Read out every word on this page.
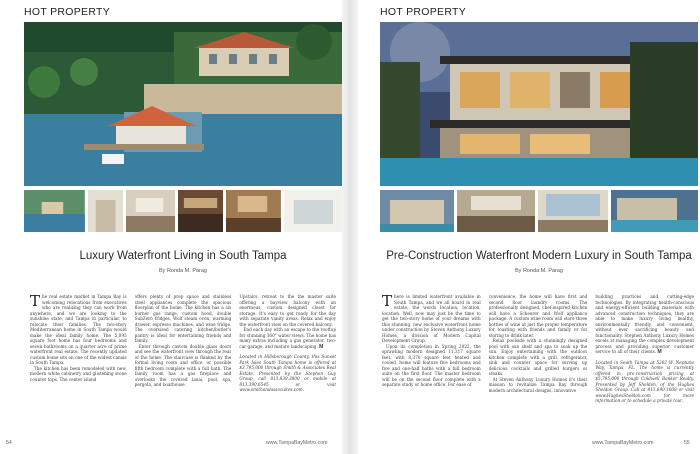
HOT PROPERTY
Luxury Waterfront Living in South Tampa
By Ronda M. Parag
T he real estate market in Tampa Bay is welcoming relocations from executives who are realizing they can work from anywhere, and we are looking to the sunshine state, and Tampa in particular, to relocate their families. The two-story Mediterranean home in South Tampa would make the ideal family home. The 5,095 square foot home has four bedrooms and seven bathrooms on a quarter acre of prime waterfront real estate. The recently updated custom home sits on one of the widest canals in South Tampa.

The kitchen has been remodeled with new, modern white cabinetry and glistening stone counter tops. The center island

offers plenty of prep space and stainless steel appliances complete the spacious floorplan of the home. The kitchen has a six burner gas range, custom hood, double SubZero fridges, Wolf steam oven, warming drawer, espresso machines, and wine fridge. The oversized catering kitchen/butler's pantry is ideal for entertaining friends and family.

Enter through custom double glass doors and see the waterfront view through the rear of the home. The staircase is flanked by the formal living room and office, or possible fifth bedroom complete with a full bath. The family room has a gas fireplace and overlooks the covered lanai, pool, spa, pergola, and boathouse.

Upstairs, retreat to the the master suite offering a bayview balcony with an enormous, custom designed closet for storage. It's easy to get ready for the day with separate vanity areas. Relax and enjoy the waterfront view on the covered balcony.

End each day with an escape to the rooftop for stunning 360° water views. The home has many extras including a gas generator, two-car garage, and mature landscaping. M

Located in Hillsborough County, this Sunset Park Isles South Tampa home is offered at $3,795,000 through Smith & Associates Real Estate. Presented by the Stephen Guy Group, call 813.839.3800 or mobile at 813.390.6545 or visit www.smithandassociates.com.

54	www.TampaBayMetro.com
HOT PROPERTY
Pre-Construction Waterfront Modern Luxury in South Tampa
By Ronda M. Parag
T here is limited waterfront available in South Tampa, and we all hoard in real estate, the words location, location, location. Well, now may just be the time to get the two-story home of your dreams with this stunning, new exclusive waterfront home under construction by Steven Anthony Luxury Homes, a division of Modern Capital Development Group.

Upon its completion in Spring 2022, the sprawling modern designed 11,317 square feet, with 8,370 square feet heated and cooled, home will feature five bedrooms and five and one-half baths with a full bedroom suite on the first floor. The master bedroom will be on the second floor complete with a separate study or home office. For ease of

convenience, the home will have first and second floor laundry rooms. The professionally designed, chef-inspired kitchen will have a Scheerer and Wolf appliance package. A custom wine room will store three bottles of wine at just the proper temperature for toasting with friends and family or for storing to drink later.

Relax poolside with a stunningly designed pool with sun shelf and spa to soak up the sun. Enjoy entertaining with the outdoor kitchen complete with a grill, refrigerator, sink and counter space for serving up delicious cocktails and grilled burgers or steaks.

At Steven Anthony Luxury Homes it's their mission to revitalize Tampa Bay through modern architectural designs, innovative

building practices and cutting-edge technologies. By integrating health-conscious and energy-efficient building materials with advanced construction techniques, they are able to make luxury living healthy, environmentally friendly, and convenient, without ever sacrificing beauty and functionality. Stephen Anthony Luxury Homes excels at managing the complex development process and providing superior customer service to all of their clients. M

Located in South Tampa at 5202 W. Neptune Way, Tampa, FL. The home is currently offered in pre-construction pricing at $5,795,000 through Coldwell Banker Realty. Presented by Jeff Sheldon, of the Hughes Sheldon Group. Call at 813.690.1008 or visit www.HughesSheldon.com for more information or to schedule a private tour.

www.TampaBayMetro.com	55
